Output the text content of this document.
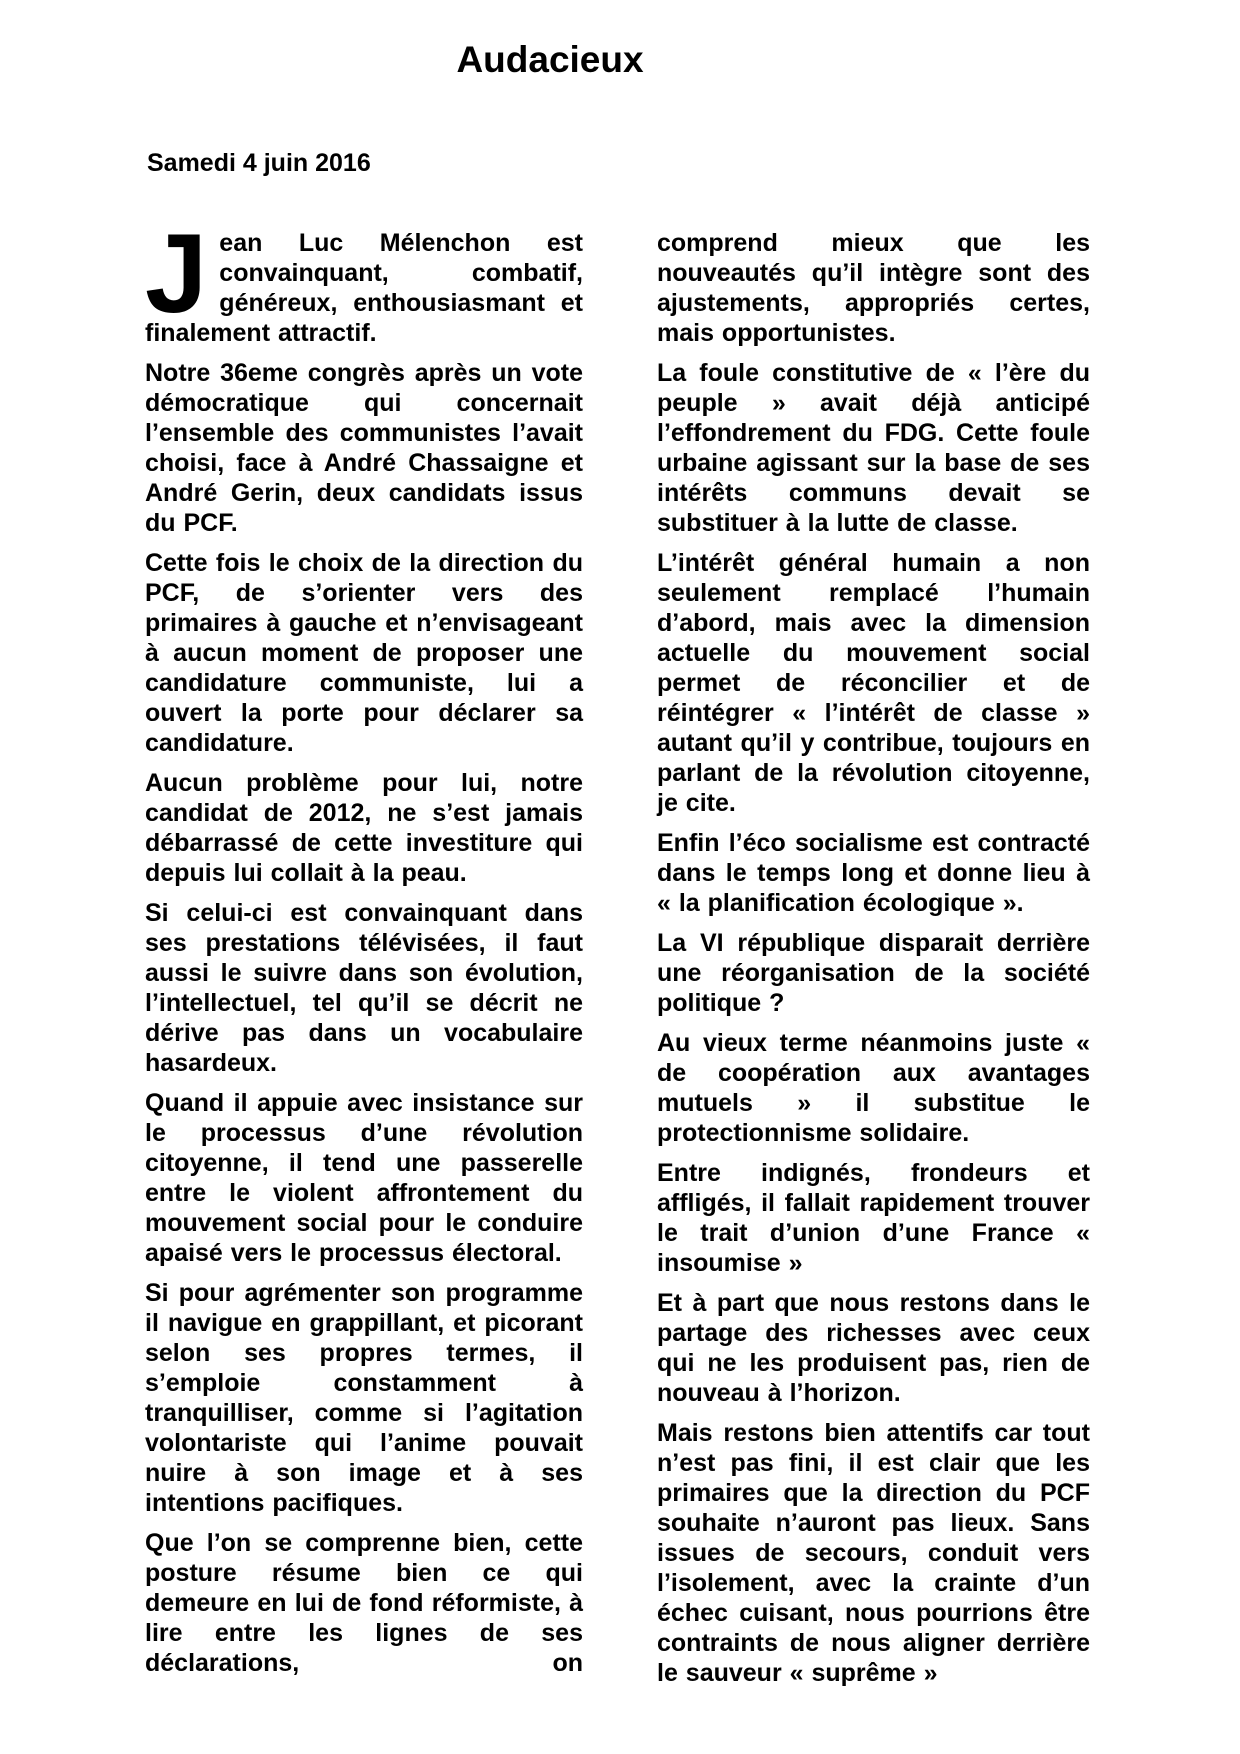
Audacieux

Samedi 4 juin 2016

Jean Luc Mélenchon est convainquant, combatif, généreux, enthousiasmant et finalement attractif.

Notre 36eme congrès après un vote démocratique qui concernait l’ensemble des communistes l’avait choisi, face à André Chassaigne et André Gerin, deux candidats issus du PCF.

Cette fois le choix de la direction du PCF, de s’orienter vers des primaires à gauche et n’envisageant à aucun moment de proposer une candidature communiste, lui a ouvert la porte pour déclarer sa candidature.

Aucun problème pour lui, notre candidat de 2012, ne s’est jamais débarrassé de cette investiture qui depuis lui collait à la peau.

Si celui-ci est convainquant dans ses prestations télévisées, il faut aussi le suivre dans son évolution, l’intellectuel, tel qu’il se décrit ne dérive pas dans un vocabulaire hasardeux.

Quand il appuie avec insistance sur le processus d’une révolution citoyenne, il tend une passerelle entre le violent affrontement du mouvement social pour le conduire apaisé vers le processus électoral.

Si pour agrémenter son programme il navigue en grappillant, et picorant selon ses propres termes, il s’emploie constamment à tranquilliser, comme si l’agitation volontariste qui l’anime pouvait nuire à son image et à ses intentions pacifiques.

Que l’on se comprenne bien, cette posture résume bien ce qui demeure en lui de fond réformiste, à lire entre les lignes de ses déclarations, on

comprend mieux que les nouveautés qu’il intègre sont des ajustements, appropriés certes, mais opportunistes.

La foule constitutive de « l’ère du peuple » avait déjà anticipé l’effondrement du FDG. Cette foule urbaine agissant sur la base de ses intérêts communs devait se substituer à la lutte de classe.

L’intérêt général humain a non seulement remplacé l’humain d’abord, mais avec la dimension actuelle du mouvement social permet de réconcilier et de réintégrer « l’intérêt de classe » autant qu’il y contribue, toujours en parlant de la révolution citoyenne, je cite.

Enfin l’éco socialisme est contracté dans le temps long et donne lieu à « la planification écologique ».

La VI république disparait derrière une réorganisation de la société politique ?

Au vieux terme néanmoins juste « de coopération aux avantages mutuels » il substitue le protectionnisme solidaire.

Entre indignés, frondeurs et affligés, il fallait rapidement trouver le trait d’union d’une France « insoumise »

Et à part que nous restons dans le partage des richesses avec ceux qui ne les produisent pas, rien de nouveau à l’horizon.

Mais restons bien attentifs car tout n’est pas fini, il est clair que les primaires que la direction du PCF souhaite n’auront pas lieux. Sans issues de secours, conduit vers l’isolement, avec la crainte d’un échec cuisant, nous pourrions être contraints de nous aligner derrière le sauveur « suprême »
